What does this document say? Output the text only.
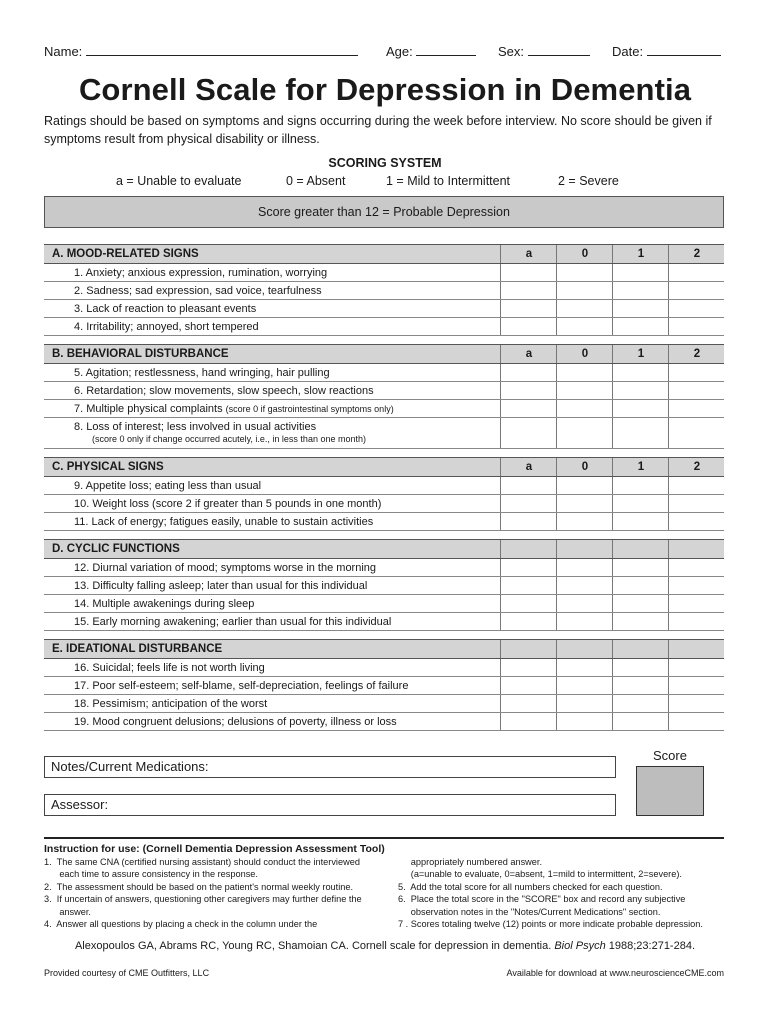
Name:	Age:	Sex:	Date:
Cornell Scale for Depression in Dementia
Ratings should be based on symptoms and signs occurring during the week before interview. No score should be given if symptoms result from physical disability or illness.
SCORING SYSTEM
a = Unable to evaluate	0 = Absent	1 = Mild to Intermittent	2 = Severe
Score greater than 12 = Probable Depression
A. MOOD-RELATED SIGNS	a	0	1	2
1. Anxiety; anxious expression, rumination, worrying
2. Sadness; sad expression, sad voice, tearfulness
3. Lack of reaction to pleasant events
4. Irritability; annoyed, short tempered
B. BEHAVIORAL DISTURBANCE	a	0	1	2
5. Agitation; restlessness, hand wringing, hair pulling
6. Retardation; slow movements, slow speech, slow reactions
7. Multiple physical complaints (score 0 if gastrointestinal symptoms only)
8. Loss of interest; less involved in usual activities
(score 0 only if change occurred acutely, i.e., in less than one month)
C. PHYSICAL SIGNS	a	0	1	2
9. Appetite loss; eating less than usual
10. Weight loss (score 2 if greater than 5 pounds in one month)
11. Lack of energy; fatigues easily, unable to sustain activities
D. CYCLIC FUNCTIONS
12. Diurnal variation of mood; symptoms worse in the morning
13. Difficulty falling asleep; later than usual for this individual
14. Multiple awakenings during sleep
15. Early morning awakening; earlier than usual for this individual
E. IDEATIONAL DISTURBANCE
16. Suicidal; feels life is not worth living
17. Poor self-esteem; self-blame, self-depreciation, feelings of failure
18. Pessimism; anticipation of the worst
19. Mood congruent delusions; delusions of poverty, illness or loss
Notes/Current Medications:
Assessor:
Score
Instruction for use: (Cornell Dementia Depression Assessment Tool)
1.  The same CNA (certified nursing assistant) should conduct the interviewed
each time to assure consistency in the response.
2.  The assessment should be based on the patient's normal weekly routine.
3.  If uncertain of answers, questioning other caregivers may further define the
answer.
4.  Answer all questions by placing a check in the column under the
appropriately numbered answer.
(a=unable to evaluate, 0=absent, 1=mild to intermittent, 2=severe).
5.  Add the total score for all numbers checked for each question.
6.  Place the total score in the "SCORE" box and record any subjective
observation notes in the "Notes/Current Medications" section.
7 . Scores totaling twelve (12) points or more indicate probable depression.
Alexopoulos GA, Abrams RC, Young RC, Shamoian CA. Cornell scale for depression in dementia. Biol Psych 1988;23:271-284.
Provided courtesy of CME Outfitters, LLC	Available for download at www.neuroscienceCME.com
